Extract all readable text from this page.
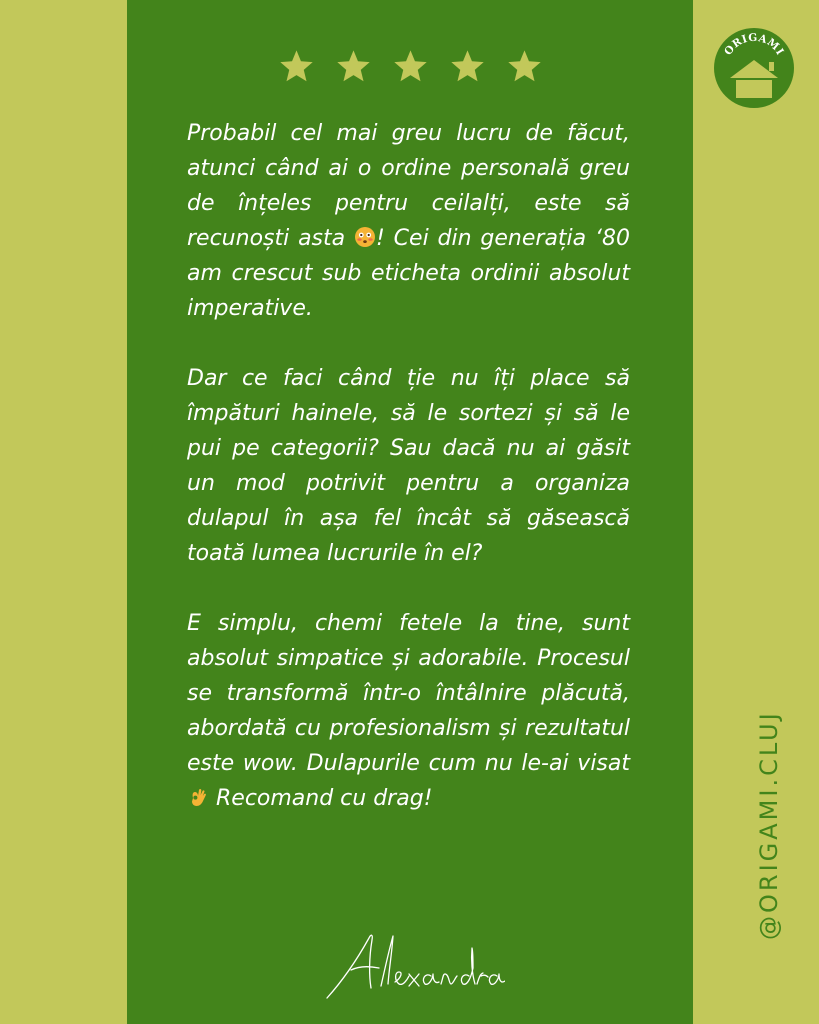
Probabil cel mai greu lucru de făcut, atunci când ai o ordine personală greu de înțeles pentru ceilalți, este să recunoști asta ! Cei din generația ‘80 am crescut sub eticheta ordinii absolut imperative.

Dar ce faci când ție nu îți place să împături hainele, să le sortezi și să le pui pe categorii? Sau dacă nu ai găsit un mod potrivit pentru a organiza dulapul în așa fel încât să găsească toată lumea lucrurile în el?

E simplu, chemi fetele la tine, sunt absolut simpatice și adorabile. Procesul se transformă într-o întâlnire plăcută, abordată cu profesionalism și rezultatul este wow. Dulapurile cum nu le-ai visat  Recomand cu drag!

ORIGAMI
@ORIGAMI.CLUJ
